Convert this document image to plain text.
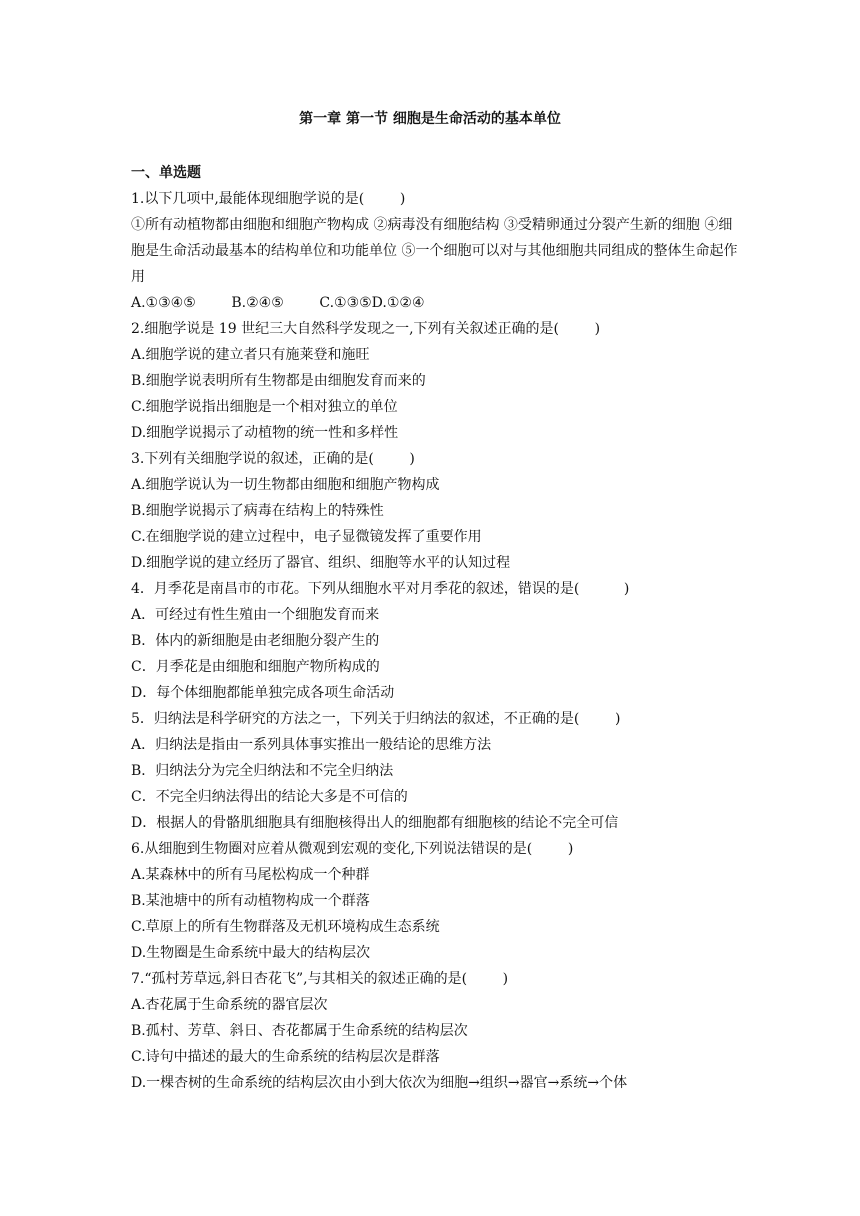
第一章 第一节 细胞是生命活动的基本单位
一、单选题
1.以下几项中,最能体现细胞学说的是(        )
①所有动植物都由细胞和细胞产物构成 ②病毒没有细胞结构 ③受精卵通过分裂产生新的细胞 ④细胞是生命活动最基本的结构单位和功能单位 ⑤一个细胞可以对与其他细胞共同组成的整体生命起作用
A.①③④⑤        B.②④⑤        C.①③⑤D.①②④
2.细胞学说是 19 世纪三大自然科学发现之一,下列有关叙述正确的是(        )
A.细胞学说的建立者只有施莱登和施旺
B.细胞学说表明所有生物都是由细胞发育而来的
C.细胞学说指出细胞是一个相对独立的单位
D.细胞学说揭示了动植物的统一性和多样性
3.下列有关细胞学说的叙述，正确的是(        )
A.细胞学说认为一切生物都由细胞和细胞产物构成
B.细胞学说揭示了病毒在结构上的特殊性
C.在细胞学说的建立过程中，电子显微镜发挥了重要作用
D.细胞学说的建立经历了器官、组织、细胞等水平的认知过程
4．月季花是南昌市的市花。下列从细胞水平对月季花的叙述，错误的是(          )
A．可经过有性生殖由一个细胞发育而来
B．体内的新细胞是由老细胞分裂产生的
C．月季花是由细胞和细胞产物所构成的
D．每个体细胞都能单独完成各项生命活动
5．归纳法是科学研究的方法之一，下列关于归纳法的叙述，不正确的是(        )
A．归纳法是指由一系列具体事实推出一般结论的思维方法
B．归纳法分为完全归纳法和不完全归纳法
C．不完全归纳法得出的结论大多是不可信的
D．根据人的骨骼肌细胞具有细胞核得出人的细胞都有细胞核的结论不完全可信
6.从细胞到生物圈对应着从微观到宏观的变化,下列说法错误的是(        )
A.某森林中的所有马尾松构成一个种群
B.某池塘中的所有动植物构成一个群落
C.草原上的所有生物群落及无机环境构成生态系统
D.生物圈是生命系统中最大的结构层次
7.“孤村芳草远,斜日杏花飞”,与其相关的叙述正确的是(        )
A.杏花属于生命系统的器官层次
B.孤村、芳草、斜日、杏花都属于生命系统的结构层次
C.诗句中描述的最大的生命系统的结构层次是群落
D.一棵杏树的生命系统的结构层次由小到大依次为细胞→组织→器官→系统→个体
